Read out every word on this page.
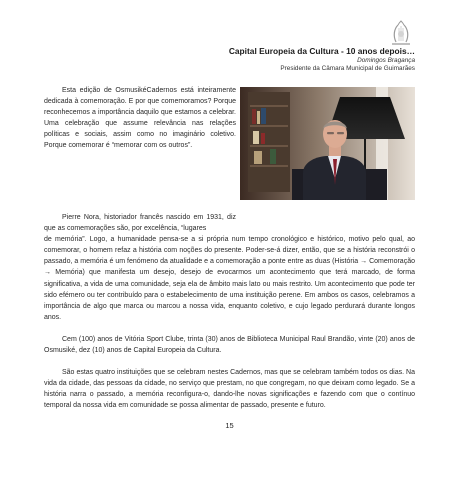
Capital Europeia da Cultura - 10 anos depois…
Domingos Bragança
Presidente da Câmara Municipal de Guimarães

Esta edição de OsmusikéCadernos está inteiramente dedicada à comemoração. E por que comemoramos? Porque reconhecemos a importância daquilo que estamos a celebrar. Uma celebração que assume relevância nas relações políticas e sociais, assim como no imaginário coletivo. Porque comemorar é “memorar com os outros”.

Pierre Nora, historiador francês nascido em 1931, diz que as comemorações são, por excelência, “lugares

de memória”. Logo, a humanidade pensa-se a si própria num tempo cronológico e histórico, motivo pelo qual, ao comemorar, o homem refaz a história com noções do presente. Poder-se-á dizer, então, que se a história reconstrói o passado, a memória é um fenómeno da atualidade e a comemoração a ponte entre as duas (História → Comemoração → Memória) que manifesta um desejo, desejo de evocarmos um acontecimento que terá marcado, de forma significativa, a vida de uma comunidade, seja ela de âmbito mais lato ou mais restrito. Um acontecimento que pode ter sido efémero ou ter contribuído para o estabelecimento de uma instituição perene. Em ambos os casos, celebramos a importância de algo que marca ou marcou a nossa vida, enquanto coletivo, e cujo legado perdurará durante longos anos.

Cem (100) anos de Vitória Sport Clube, trinta (30) anos de Biblioteca Municipal Raul Brandão, vinte (20) anos de Osmusiké, dez (10) anos de Capital Europeia da Cultura.

São estas quatro instituições que se celebram nestes Cadernos, mas que se celebram também todos os dias. Na vida da cidade, das pessoas da cidade, no serviço que prestam, no que congregam, no que deixam como legado. Se a história narra o passado, a memória reconfigura-o, dando-lhe novas significações e fazendo com que o contínuo temporal da nossa vida em comunidade se possa alimentar de passado, presente e futuro.

15
